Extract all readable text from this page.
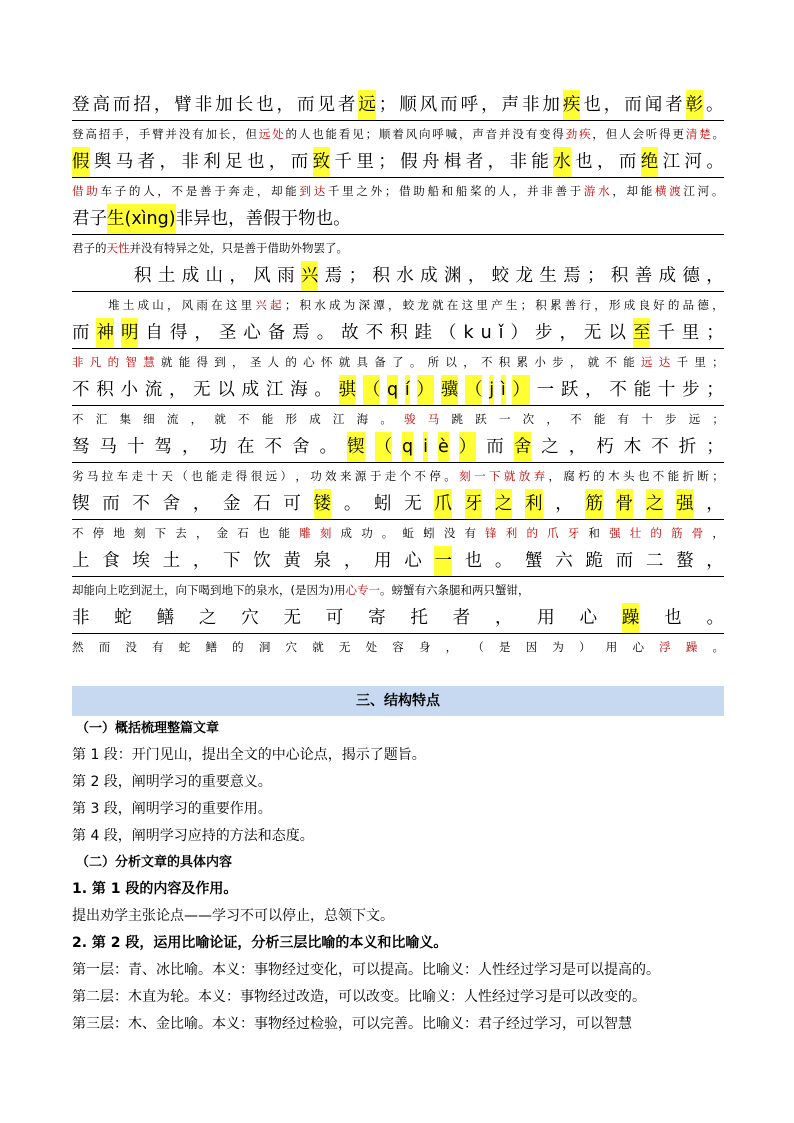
登 高 而 招 ， 臂 非 加 长 也 ， 而 见 者 远 ； 顺 风 而 呼 ， 声 非 加 疾 也 ， 而 闻 者 彰 。
登 高 招 手 ， 手 臂 并 没 有 加 长 ， 但 远 处 的 人 也 能 看 见 ； 顺 着 风 向 呼 喊 ， 声 音 并 没 有 变 得 劲 疾 ， 但 人 会 听 得 更 清 楚 。
假 舆 马 者 ， 非 利 足 也 ， 而 致 千 里 ； 假 舟 楫 者 ， 非 能 水 也 ， 而 绝 江 河 。
借 助 车 子 的 人 ， 不 是 善 于 奔 走 ， 却 能 到 达 千 里 之 外 ； 借 助 船 和 船 桨 的 人 ， 并 非 善 于 游 水 ， 却 能 横 渡 江 河 。
君子 生(xìng) 非异也，善假于物也。
君子的 天性 并没有特异之处，只是善于借助外物罢了。
积 土 成 山 ， 风 雨 兴 焉 ； 积 水 成 渊 ， 蛟 龙 生 焉 ； 积 善 成 德 ，
堆 土 成 山 ， 风 雨 在 这 里 兴 起 ； 积 水 成 为 深 潭 ， 蛟 龙 就 在 这 里 产 生 ； 积 累 善 行 ， 形 成 良 好 的 品 德 ，
而 神 明 自 得 ， 圣 心 备 焉 。 故 不 积 跬 （ k u ǐ ） 步 ， 无 以 至 千 里 ；
非 凡 的 智 慧 就 能 得 到 ， 圣 人 的 心 怀 就 具 备 了 。 所 以 ， 不 积 累 小 步 ， 就 不 能 远 达 千 里 ；
不 积 小 流 ， 无 以 成 江 海 。 骐 （ q í ） 骥 （ j ì ） 一 跃 ， 不 能 十 步 ；
不 汇 集 细 流 ， 就 不 能 形 成 江 海 。 骏 马 跳 跃 一 次 ， 不 能 有 十 步 远 ；
驽 马 十 驾 ， 功 在 不 舍 。 锲 （ q i è ） 而 舍 之 ， 朽 木 不 折 ；
劣 马 拉 车 走 十 天 （ 也 能 走 得 很 远 ） ， 功 效 来 源 于 走 个 不 停 。 刻 一 下 就 放 弃 ， 腐 朽 的 木 头 也 不 能 折 断 ；
锲 而 不 舍 ， 金 石 可 镂 。 蚓 无 爪 牙 之 利 ， 筋 骨 之 强 ，
不 停 地 刻 下 去 ， 金 石 也 能 雕 刻 成 功 。 蚯 蚓 没 有 锋 利 的 爪 牙 和 强 壮 的 筋 骨 ，
上 食 埃 土 ， 下 饮 黄 泉 ， 用 心 一 也 。 蟹 六 跪 而 二 螯 ，
却能向上吃到泥土，向下喝到地下的泉水，(是因为)用 心专一 。螃蟹有六条腿和两只蟹钳，
非 蛇 鳝 之 穴 无 可 寄 托 者 ， 用 心 躁 也 。
然 而 没 有 蛇 鳝 的 洞 穴 就 无 处 容 身 ， （ 是 因 为 ） 用 心 浮 躁 。
三、结构特点
（一）概括梳理整篇文章
第 1 段：开门见山，提出全文的中心论点，揭示了题旨。
第 2 段，阐明学习的重要意义。
第 3 段，阐明学习的重要作用。
第 4 段，阐明学习应持的方法和态度。
（二）分析文章的具体内容
1. 第 1 段的内容及作用。
提出劝学主张论点——学习不可以停止，总领下文。
2. 第 2 段，运用比喻论证，分析三层比喻的本义和比喻义。
第一层：青、冰比喻。本义：事物经过变化，可以提高。比喻义：人性经过学习是可以提高的。
第二层：木直为轮。本义：事物经过改造，可以改变。比喻义：人性经过学习是可以改变的。
第三层：木、金比喻。本义：事物经过检验，可以完善。比喻义：君子经过学习，可以智慧
